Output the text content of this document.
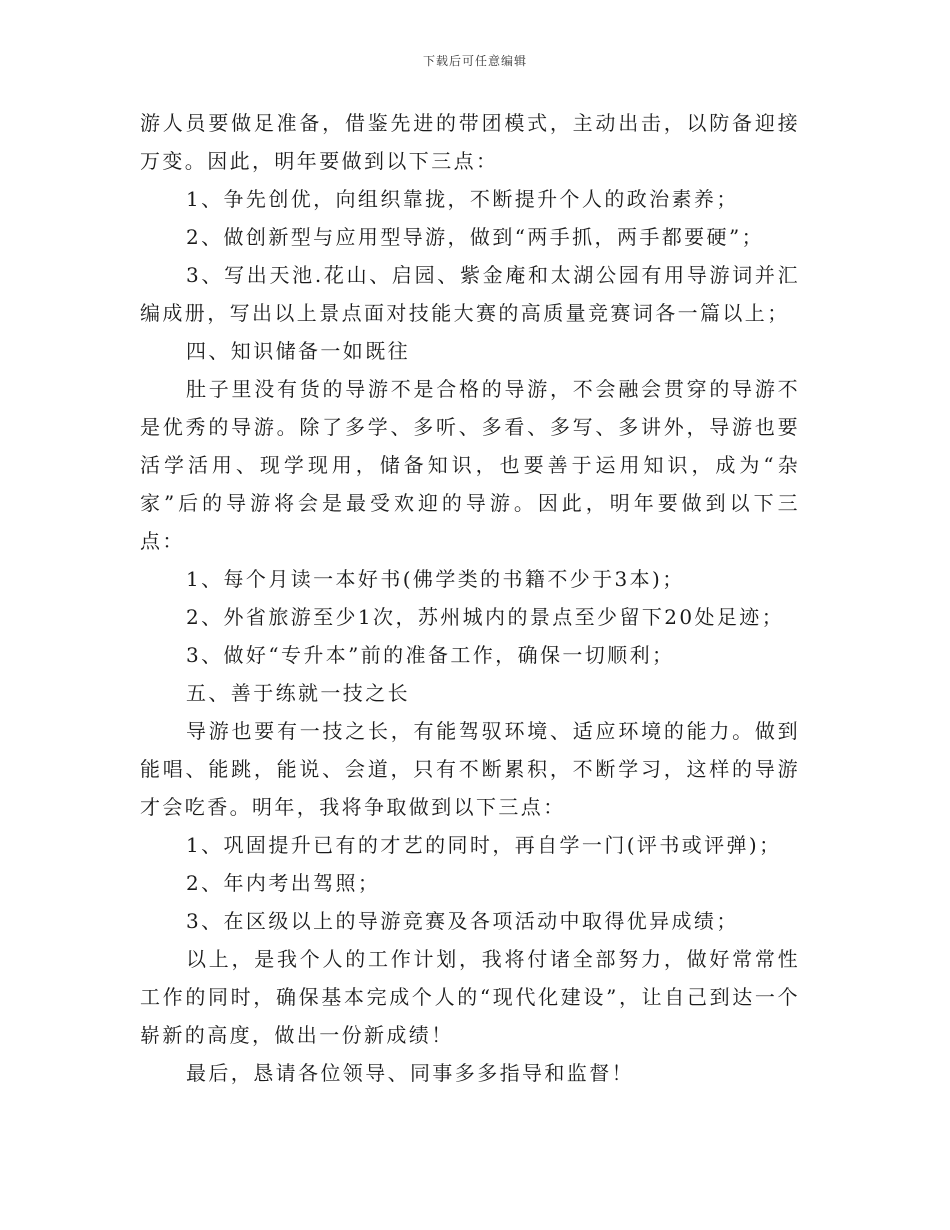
下载后可任意编辑

游人员要做足准备，借鉴先进的带团模式，主动出击，以防备迎接万变。因此，明年要做到以下三点：

1、争先创优，向组织靠拢，不断提升个人的政治素养；

2、做创新型与应用型导游，做到“两手抓，两手都要硬”；

3、写出天池.花山、启园、紫金庵和太湖公园有用导游词并汇编成册，写出以上景点面对技能大赛的高质量竞赛词各一篇以上；

四、知识储备一如既往

肚子里没有货的导游不是合格的导游，不会融会贯穿的导游不是优秀的导游。除了多学、多听、多看、多写、多讲外，导游也要活学活用、现学现用，储备知识，也要善于运用知识，成为“杂家”后的导游将会是最受欢迎的导游。因此，明年要做到以下三点：

1、每个月读一本好书(佛学类的书籍不少于3本)；

2、外省旅游至少1次，苏州城内的景点至少留下20处足迹；

3、做好“专升本”前的准备工作，确保一切顺利；

五、善于练就一技之长

导游也要有一技之长，有能驾驭环境、适应环境的能力。做到能唱、能跳，能说、会道，只有不断累积，不断学习，这样的导游才会吃香。明年，我将争取做到以下三点：

1、巩固提升已有的才艺的同时，再自学一门(评书或评弹)；

2、年内考出驾照；

3、在区级以上的导游竞赛及各项活动中取得优异成绩；

以上，是我个人的工作计划，我将付诸全部努力，做好常常性工作的同时，确保基本完成个人的“现代化建设”，让自己到达一个崭新的高度，做出一份新成绩！

最后，恳请各位领导、同事多多指导和监督！
